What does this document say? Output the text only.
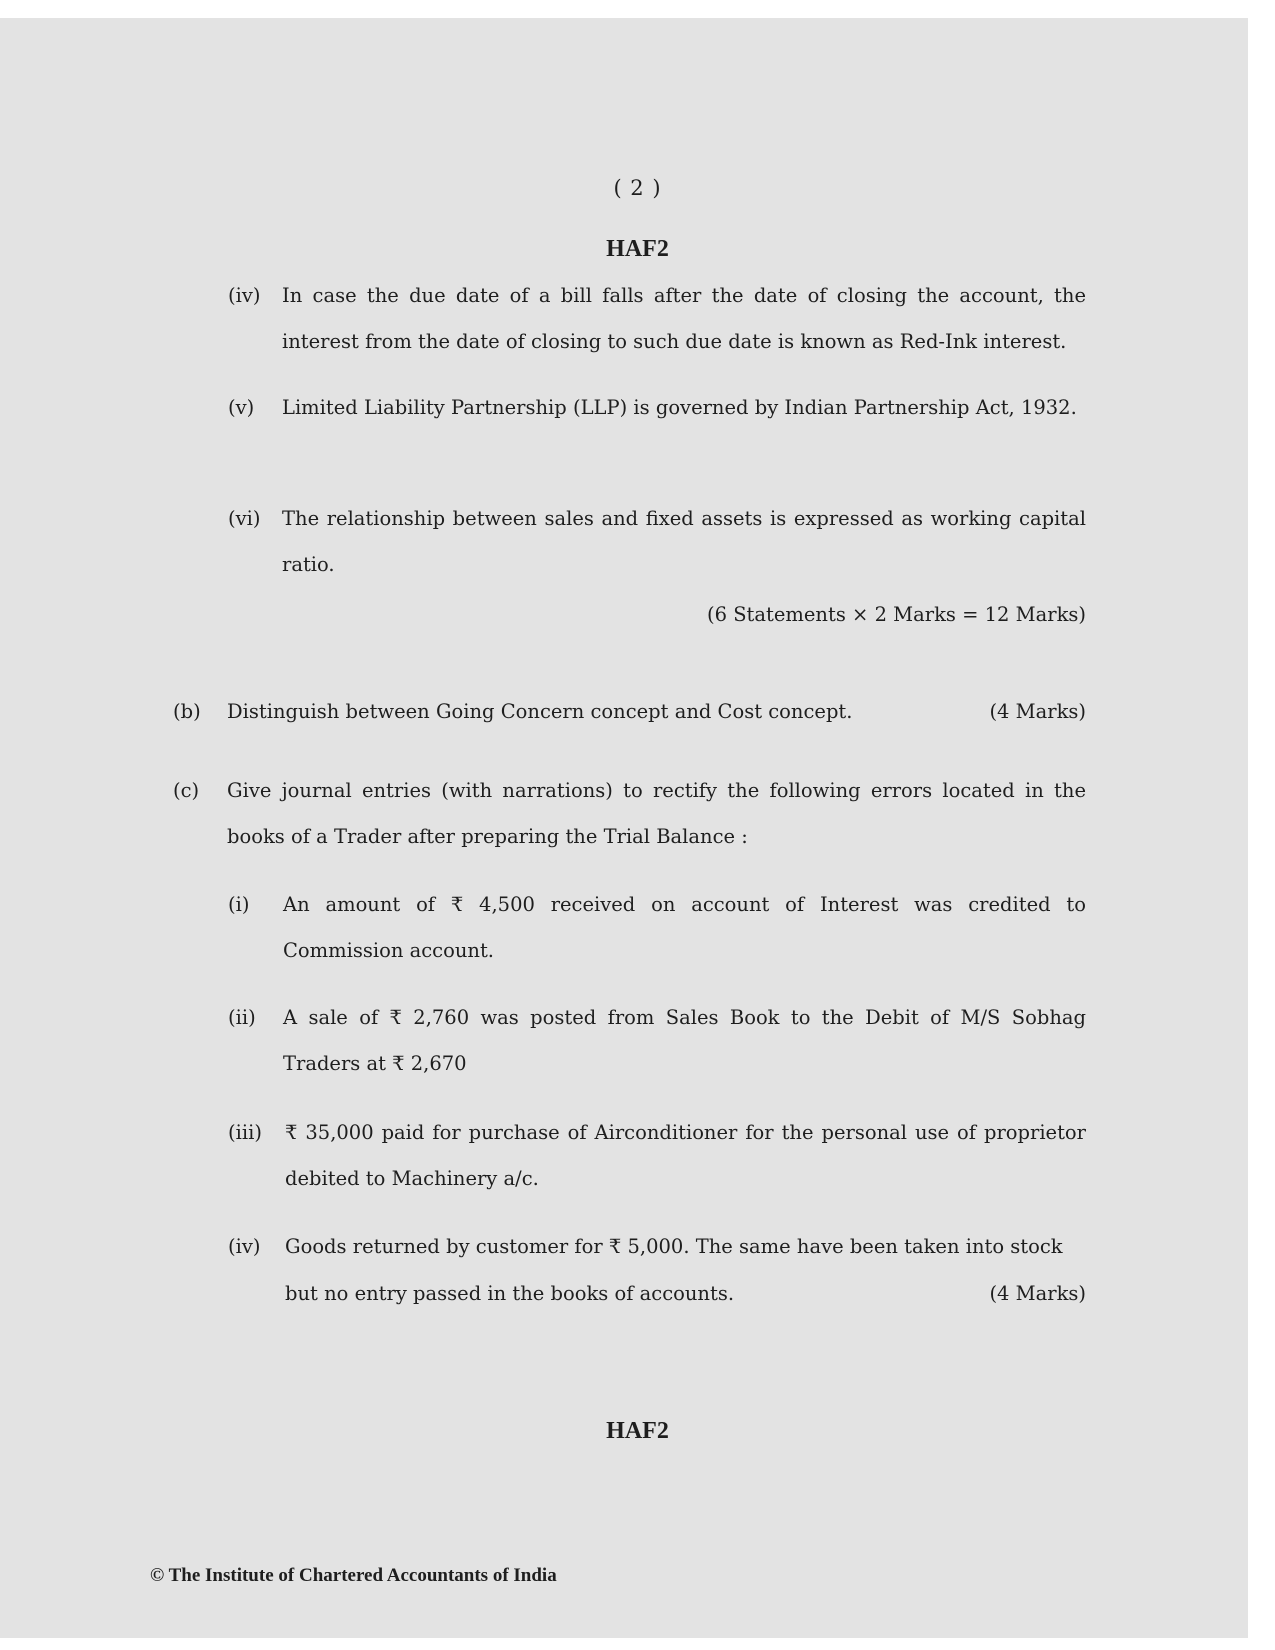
( 2 )
HAF2
(iv)	In case the due date of a bill falls after the date of closing the account, the interest from the date of closing to such due date is known as Red-Ink interest.
(v)	Limited Liability Partnership (LLP) is governed by Indian Partnership Act, 1932.
(vi)	The relationship between sales and fixed assets is expressed as working capital ratio.
(6 Statements × 2 Marks = 12 Marks)
(b)	Distinguish between Going Concern concept and Cost concept.	(4 Marks)
(c)	Give journal entries (with narrations) to rectify the following errors located in the books of a Trader after preparing the Trial Balance :
(i)	An amount of ₹ 4,500 received on account of Interest was credited to Commission account.
(ii)	A sale of ₹ 2,760 was posted from Sales Book to the Debit of M/S Sobhag Traders at ₹ 2,670
(iii)	₹ 35,000 paid for purchase of Airconditioner for the personal use of proprietor debited to Machinery a/c.
(iv)	Goods returned by customer for ₹ 5,000. The same have been taken into stock
but no entry passed in the books of accounts.	(4 Marks)
HAF2
© The Institute of Chartered Accountants of India
